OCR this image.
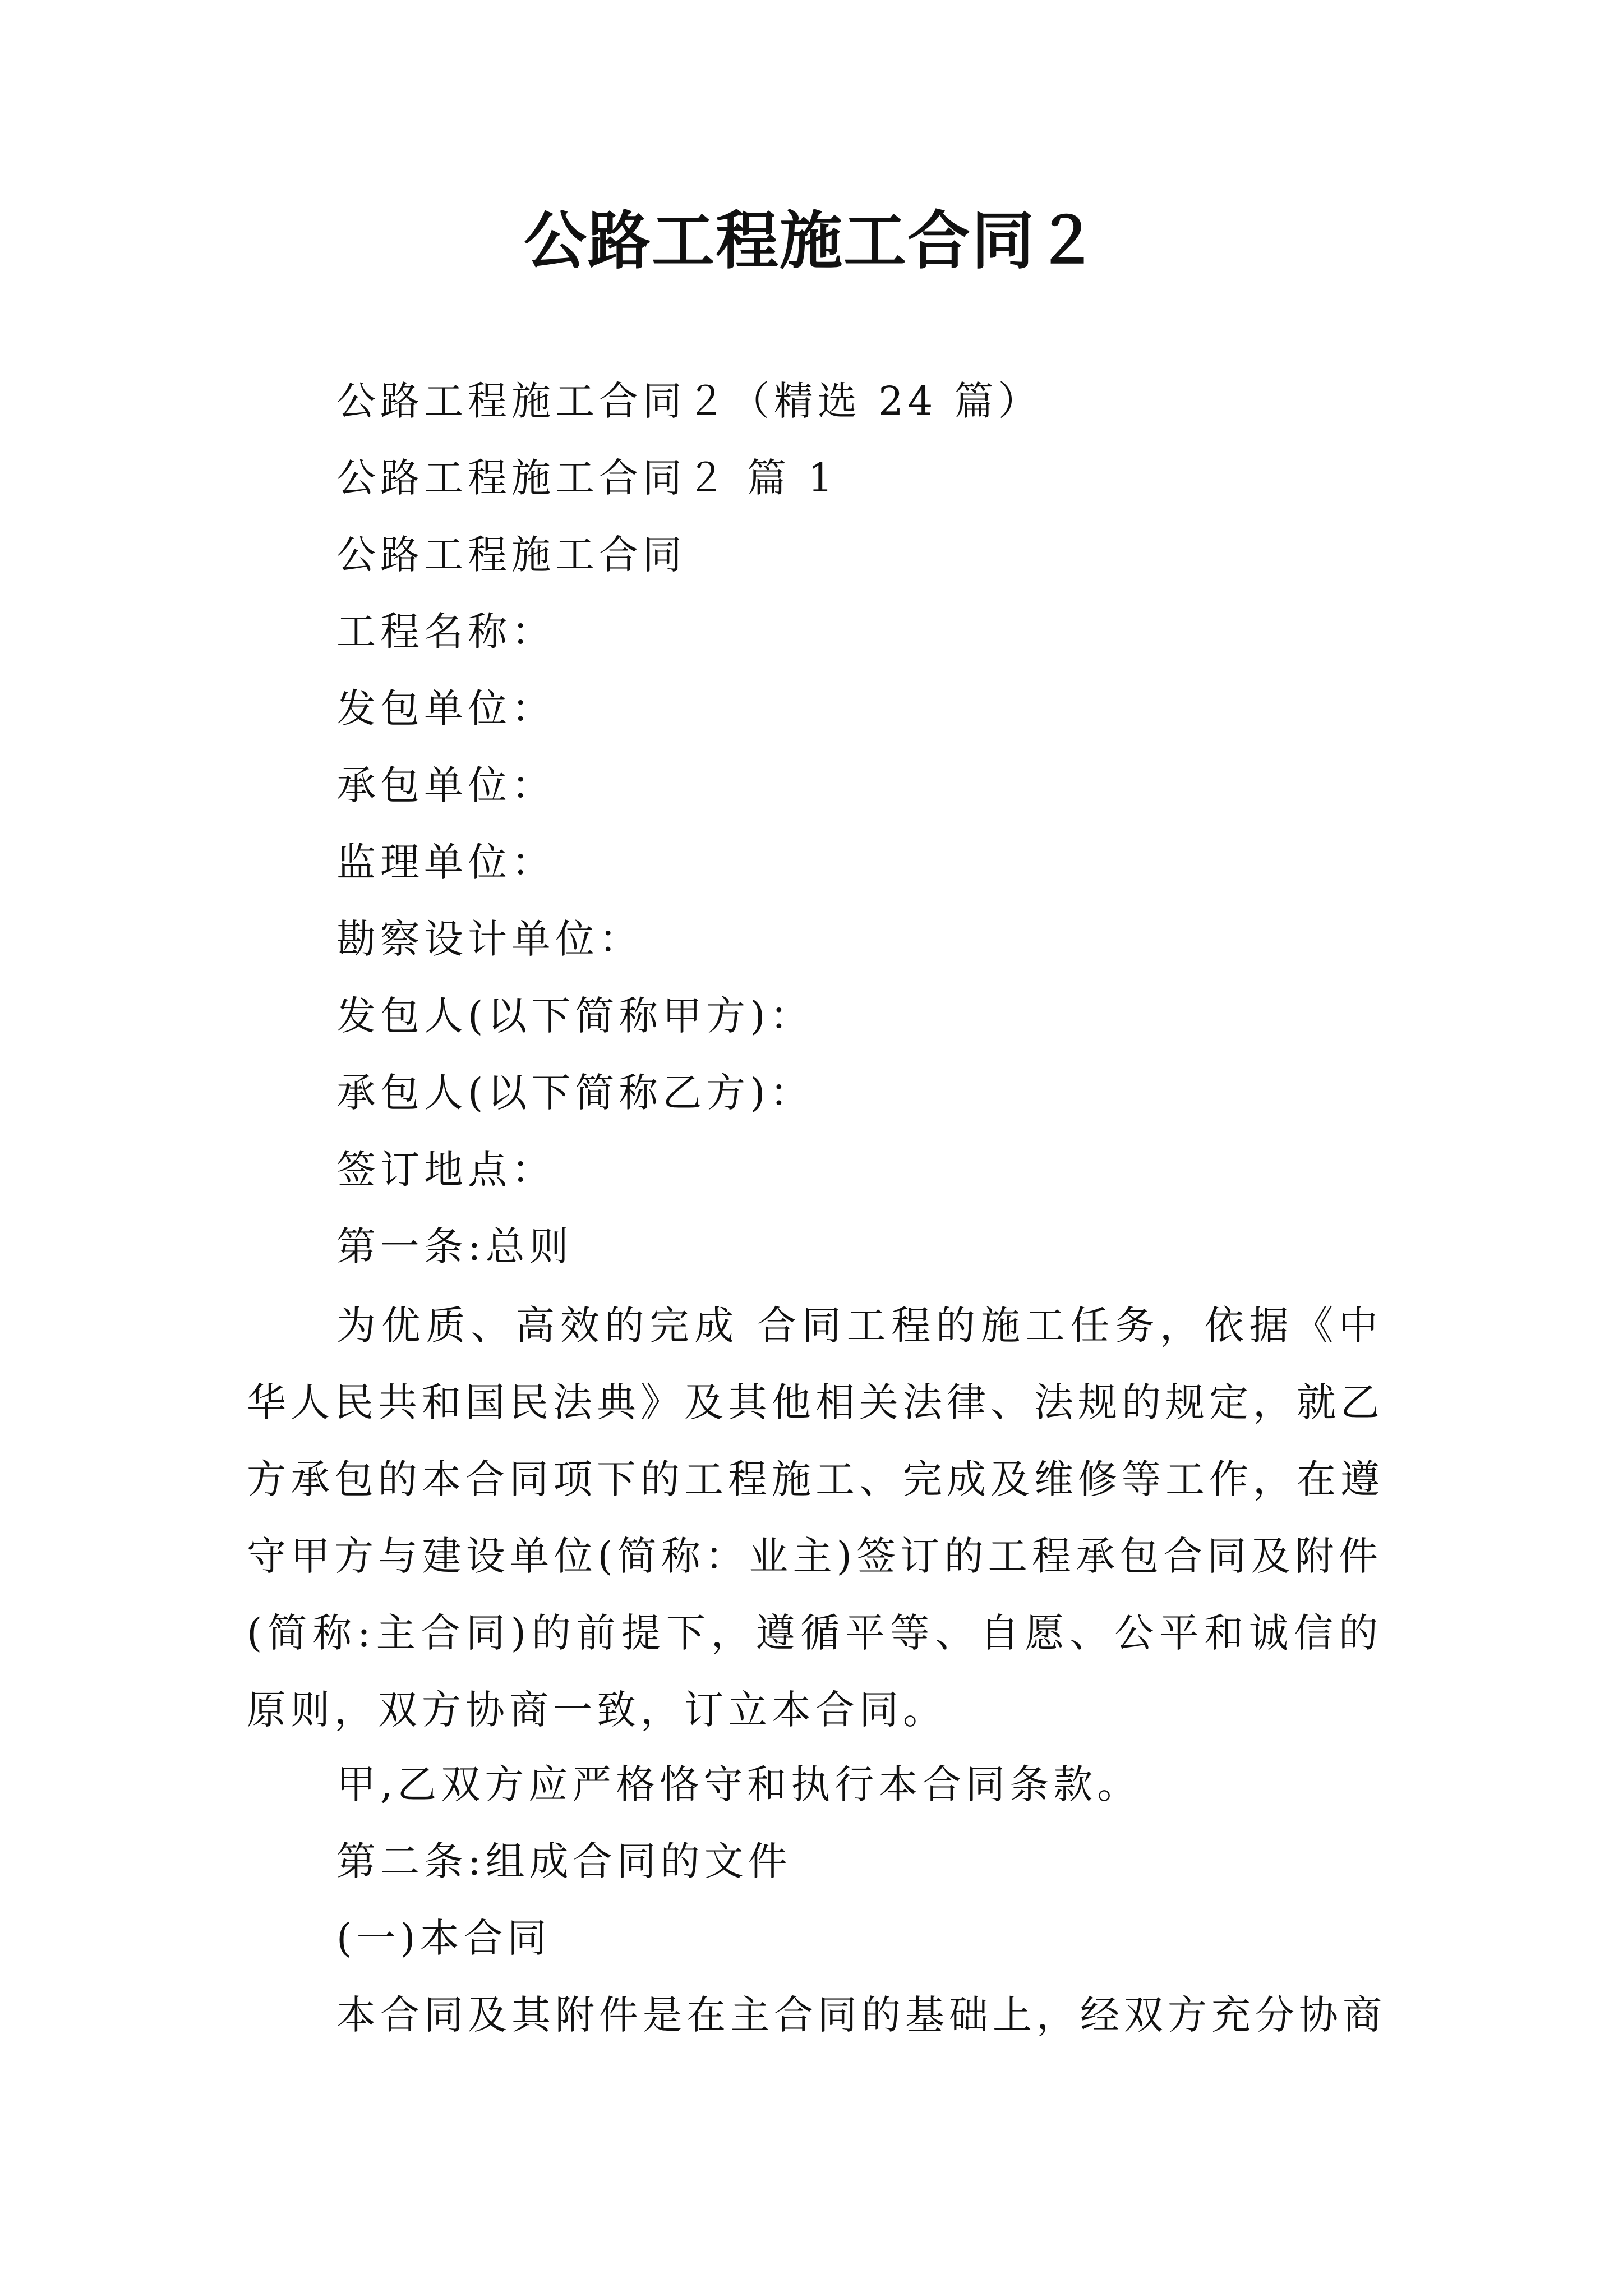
公路工程施工合同２
公路工程施工合同２（精选 24 篇）
公路工程施工合同２ 篇 1
公路工程施工合同
工程名称：
发包单位：
承包单位：
监理单位：
勘察设计单位：
发包人(以下简称甲方)：
承包人(以下简称乙方)：
签订地点：
第一条:总则
为优质、高效的完成 合同工程的施工任务，依据《中
华人民共和国民法典》及其他相关法律、法规的规定，就乙
方承包的本合同项下的工程施工、完成及维修等工作，在遵
守甲方与建设单位(简称：业主)签订的工程承包合同及附件
(简称:主合同)的前提下，遵循平等、自愿、公平和诚信的
原则，双方协商一致，订立本合同。
甲,乙双方应严格恪守和执行本合同条款。
第二条:组成合同的文件
(一)本合同
本合同及其附件是在主合同的基础上，经双方充分协商
